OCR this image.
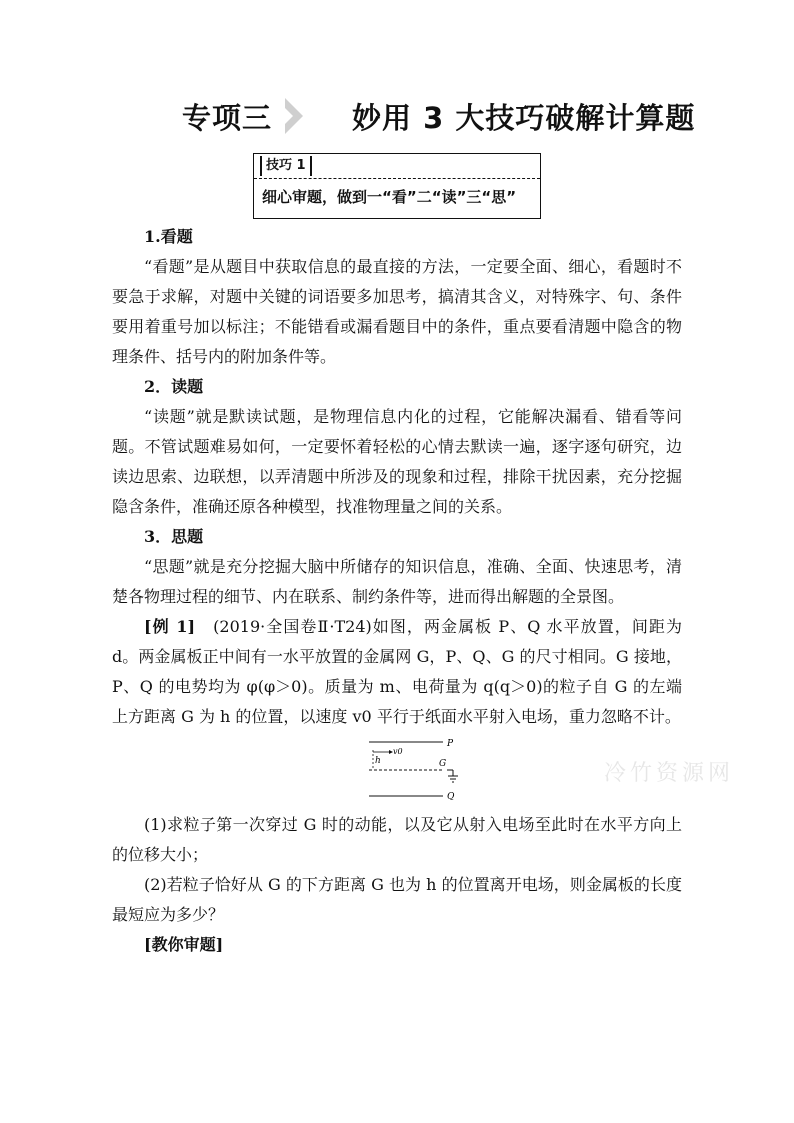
专项三	妙用 3 大技巧破解计算题
技巧 1
细心审题，做到一“看”二“读”三“思”

1.看题

“看题”是从题目中获取信息的最直接的方法，一定要全面、细心，看题时不要急于求解，对题中关键的词语要多加思考，搞清其含义，对特殊字、句、条件要用着重号加以标注；不能错看或漏看题目中的条件，重点要看清题中隐含的物理条件、括号内的附加条件等。

2．读题

“读题”就是默读试题，是物理信息内化的过程，它能解决漏看、错看等问题。不管试题难易如何，一定要怀着轻松的心情去默读一遍，逐字逐句研究，边读边思索、边联想，以弄清题中所涉及的现象和过程，排除干扰因素，充分挖掘隐含条件，准确还原各种模型，找准物理量之间的关系。

3．思题

“思题”就是充分挖掘大脑中所储存的知识信息，准确、全面、快速思考，清楚各物理过程的细节、内在联系、制约条件等，进而得出解题的全景图。

[例 1]　 (2019·全国卷Ⅱ·T24)如图，两金属板 P、Q 水平放置，间距为 d。两金属板正中间有一水平放置的金属网 G，P、Q、G 的尺寸相同。G 接地，P、Q 的电势均为 φ(φ＞0)。质量为 m、电荷量为 q(q＞0)的粒子自 G 的左端上方距离 G 为 h 的位置，以速度 v0 平行于纸面水平射入电场，重力忽略不计。

P
G
Q
h
v0

(1)求粒子第一次穿过 G 时的动能，以及它从射入电场至此时在水平方向上的位移大小；

(2)若粒子恰好从 G 的下方距离 G 也为 h 的位置离开电场，则金属板的长度最短应为多少？

[教你审题]

冷竹资源网
